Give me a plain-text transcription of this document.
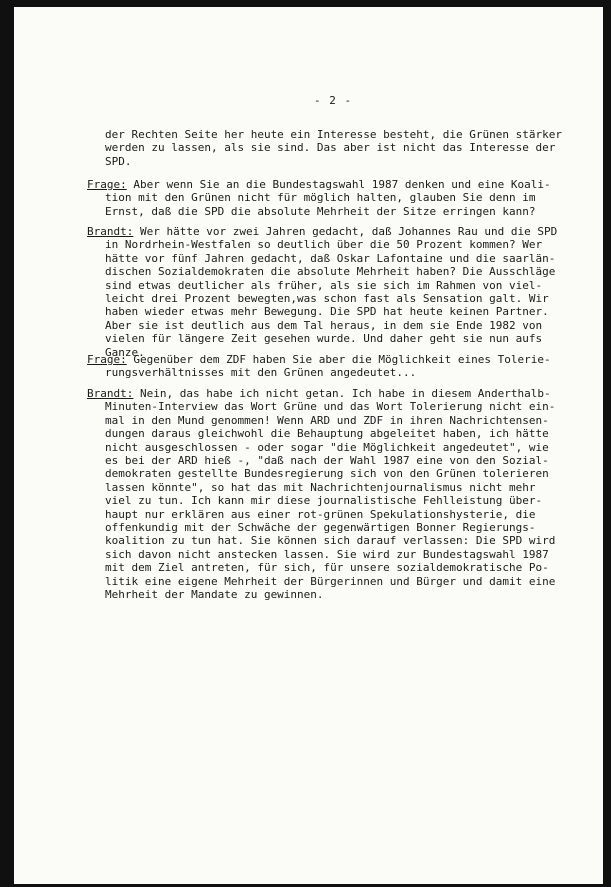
- 2 -
der Rechten Seite her heute ein Interesse besteht, die Grünen stärker
werden zu lassen, als sie sind. Das aber ist nicht das Interesse der
SPD.
Frage: Aber wenn Sie an die Bundestagswahl 1987 denken und eine Koali-
tion mit den Grünen nicht für möglich halten, glauben Sie denn im
Ernst, daß die SPD die absolute Mehrheit der Sitze erringen kann?
Brandt: Wer hätte vor zwei Jahren gedacht, daß Johannes Rau und die SPD
in Nordrhein-Westfalen so deutlich über die 50 Prozent kommen? Wer
hätte vor fünf Jahren gedacht, daß Oskar Lafontaine und die saarlän-
dischen Sozialdemokraten die absolute Mehrheit haben? Die Ausschläge
sind etwas deutlicher als früher, als sie sich im Rahmen von viel-
leicht drei Prozent bewegten,was schon fast als Sensation galt. Wir
haben wieder etwas mehr Bewegung. Die SPD hat heute keinen Partner.
Aber sie ist deutlich aus dem Tal heraus, in dem sie Ende 1982 von
vielen für längere Zeit gesehen wurde. Und daher geht sie nun aufs
Ganze.
Frage: Gegenüber dem ZDF haben Sie aber die Möglichkeit eines Tolerie-
rungsverhältnisses mit den Grünen angedeutet...
Brandt: Nein, das habe ich nicht getan. Ich habe in diesem Anderthalb-
Minuten-Interview das Wort Grüne und das Wort Tolerierung nicht ein-
mal in den Mund genommen! Wenn ARD und ZDF in ihren Nachrichtensen-
dungen daraus gleichwohl die Behauptung abgeleitet haben, ich hätte
nicht ausgeschlossen - oder sogar "die Möglichkeit angedeutet", wie
es bei der ARD hieß -, "daß nach der Wahl 1987 eine von den Sozial-
demokraten gestellte Bundesregierung sich von den Grünen tolerieren
lassen könnte", so hat das mit Nachrichtenjournalismus nicht mehr
viel zu tun. Ich kann mir diese journalistische Fehlleistung über-
haupt nur erklären aus einer rot-grünen Spekulationshysterie, die
offenkundig mit der Schwäche der gegenwärtigen Bonner Regierungs-
koalition zu tun hat. Sie können sich darauf verlassen: Die SPD wird
sich davon nicht anstecken lassen. Sie wird zur Bundestagswahl 1987
mit dem Ziel antreten, für sich, für unsere sozialdemokratische Po-
litik eine eigene Mehrheit der Bürgerinnen und Bürger und damit eine
Mehrheit der Mandate zu gewinnen.
